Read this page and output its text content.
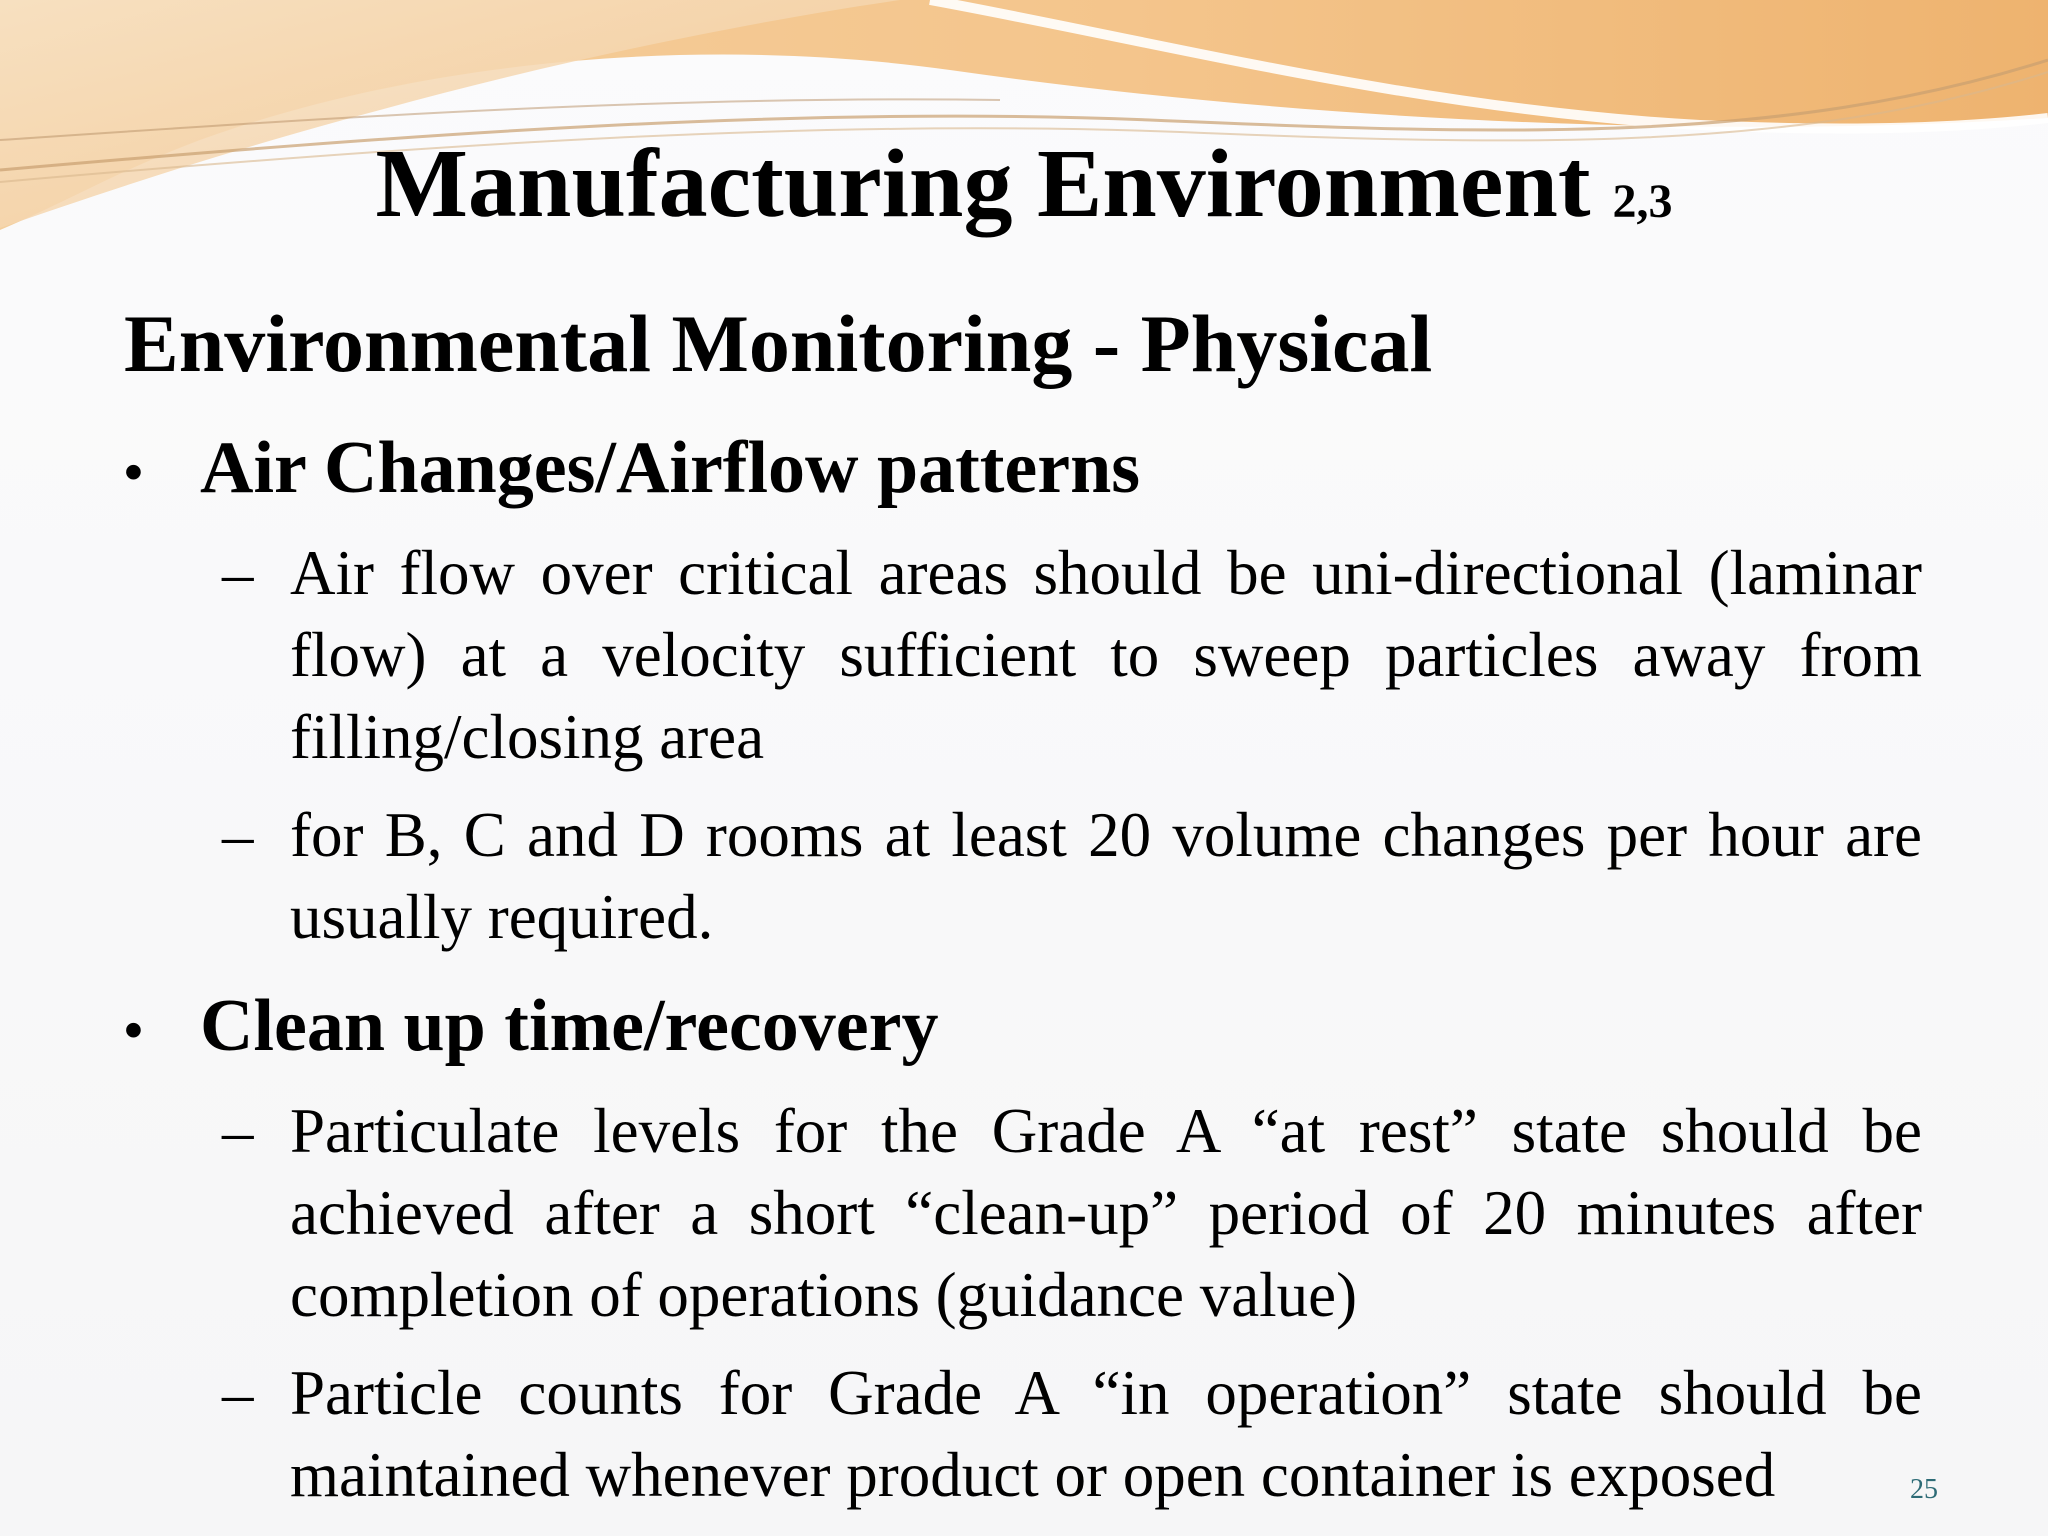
Manufacturing Environment $^{2,3}$
Environmental Monitoring - Physical
• Air Changes/Airflow patterns
– Air flow over critical areas should be uni-directional (laminar flow) at a velocity sufficient to sweep particles away from filling/closing area
– for B, C and D rooms at least 20 volume changes per hour are usually required.
• Clean up time/recovery
– Particulate levels for the Grade A “at rest” state should be achieved after a short “clean-up” period of 20 minutes after completion of operations (guidance value)
– Particle counts for Grade A “in operation” state should be maintained whenever product or open container is exposed	25
